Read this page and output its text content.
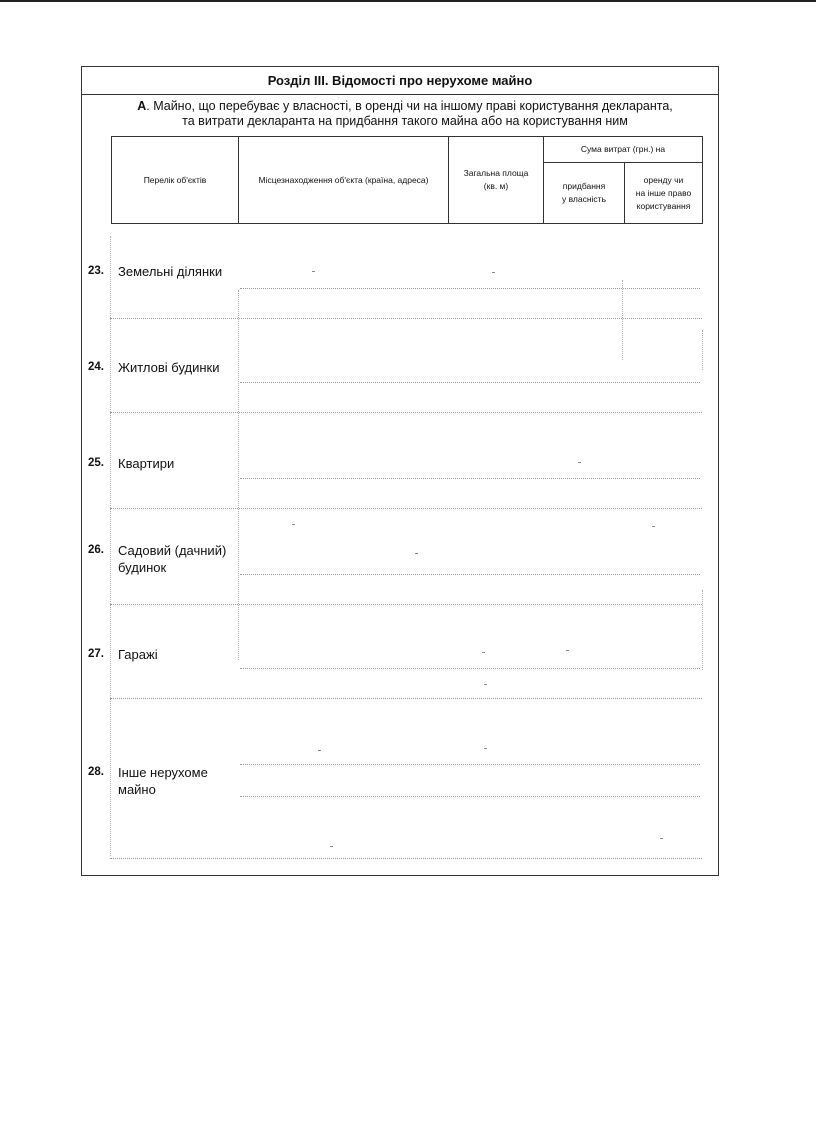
Розділ ІІІ. Відомості про нерухоме майно
А. Майно, що перебуває у власності, в оренді чи на іншому праві користування декларанта,
та витрати декларанта на придбання такого майна або на користування ним
Перелік об'єктів	Місцезнаходження об'єкта (країна, адреса)
Загальна площа
(кв. м)
Сума витрат (грн.) на
придбання
у власність
оренду чи
на інше право
користування
23. Земельні ділянки
24. Житлові будинки
25. Квартири
26. Садовий (дачний)
будинок
27. Гаражі
28. Інше нерухоме
майно
